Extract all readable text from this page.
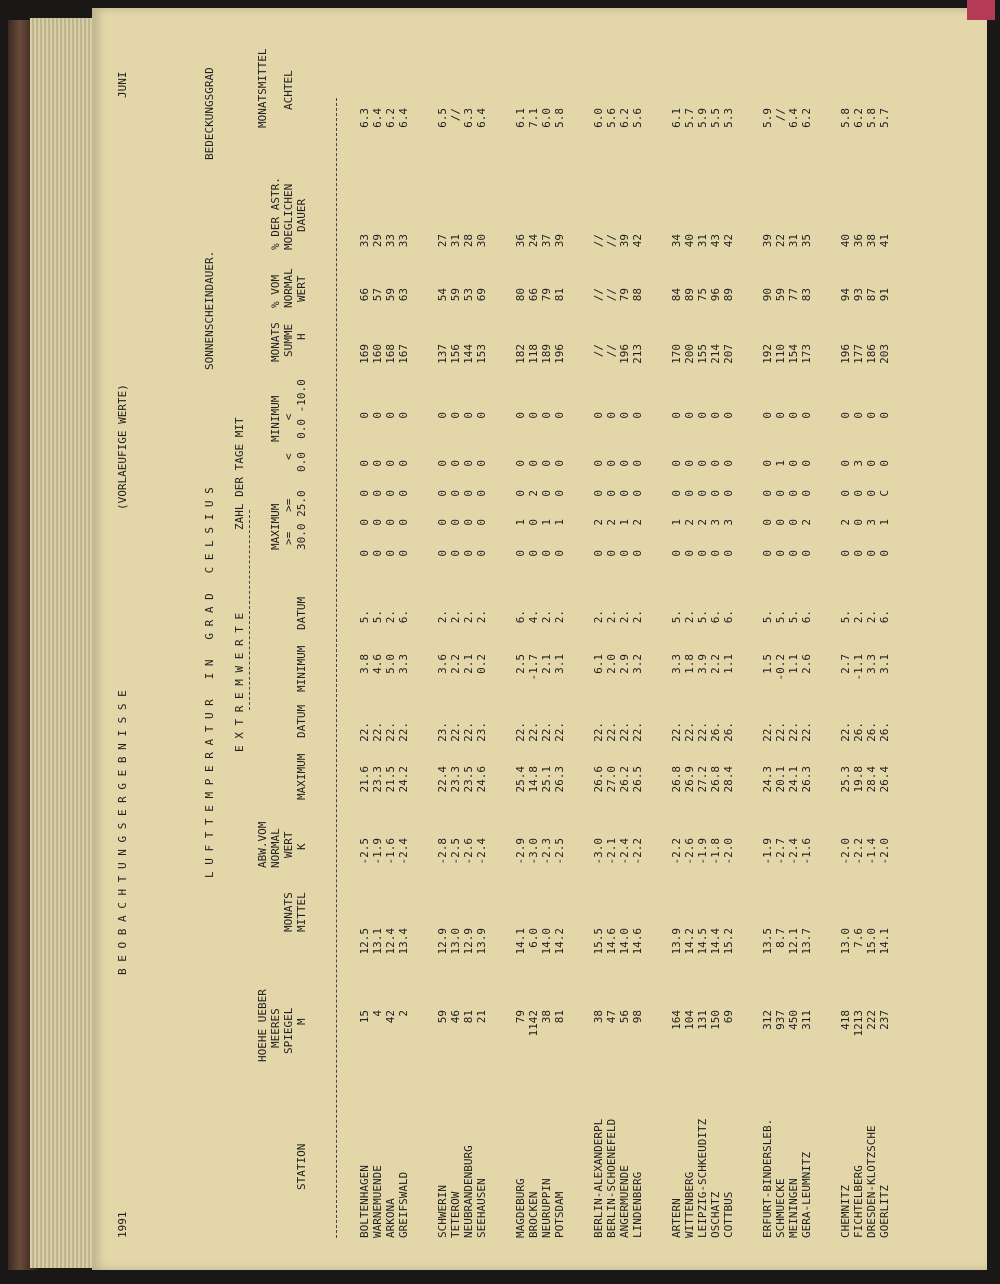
1991
B E O B A C H T U N G S E R G E B N I S S E
(VORLAEUFIGE WERTE)
JUNI
L U F T T E M P E R A T U R   I N   G R A D   C E L S I U S
SONNENSCHEINDAUER.
BEDECKUNGSGRAD
E X T R E M W E R T E
ZAHL DER TAGE MIT
HOEHE UEBER MEERES SPIEGEL M
MONATS MITTEL
ABW.VOM NORMAL WERT K
MAXIMUM
DATUM
MINIMUM
DATUM
MAXIMUM >=   >= 30.0 25.0
MINIMUM <     < 0.0  0.0 -10.0
MONATS SUMME H
% VOM NORMAL WERT
% DER ASTR. MOEGLICHEN DAUER
MONATSMITTEL ACHTEL
STATION	BOLTENHAGEN
15
12.5
-2.5
21.6
22.
3.8
5.
0
0
0
0
0
169
66
33
6.3
WARNEMUENDE
4
13.1
-1.9
23.3
22.
4.6
5.
0
0
0
0
0
160
57
29
6.4
ARKONA
42
12.4
-1.6
21.5
22.
5.0
2.
0
0
0
0
0
168
59
33
6.2
GREIFSWALD
2
13.4
-2.4
24.2
22.
3.3
6.
0
0
0
0
0
167
63
33
6.4
SCHWERIN
59
12.9
-2.8
22.4
23.
3.6
2.
0
0
0
0
0
137
54
27
6.5
TETEROW
46
13.0
-2.5
23.3
22.
2.2
2.
0
0
0
0
0
156
59
31
//
NEUBRANDENBURG
81
12.9
-2.6
23.5
22.
2.1
2.
0
0
0
0
0
144
53
28
6.3
SEEHAUSEN
21
13.9
-2.4
24.6
23.
0.2
2.
0
0
0
0
0
153
69
30
6.4
MAGDEBURG
79
14.1
-2.9
25.4
22.
2.5
6.
0
1
0
0
0
182
80
36
6.1
BROCKEN
1142
6.0
-3.0
14.8
22.
-1.7
4.
0
0
2
0
0
118
66
24
7.1
NEURUPPIN
38
14.0
-2.3
25.1
22.
2.1
2.
0
1
0
0
0
189
79
37
6.0
POTSDAM
81
14.2
-2.5
26.3
22.
3.1
2.
0
1
0
0
0
196
81
39
5.8
BERLIN-ALEXANDERPL
38
15.5
-3.0
26.6
22.
6.1
2.
0
2
0
0
0
//
//
//
6.0
BERLIN-SCHOENEFELD
47
14.6
-2.1
27.0
22.
2.0
2.
0
2
0
0
0
//
//
//
5.6
ANGERMUENDE
56
14.0
-2.4
26.2
22.
2.9
2.
0
1
0
0
0
196
79
39
6.2
LINDENBERG
98
14.6
-2.2
26.5
22.
3.2
2.
0
2
0
0
0
213
88
42
5.6
ARTERN
164
13.9
-2.2
26.8
22.
3.3
5.
0
1
0
0
0
170
84
34
6.1
WITTENBERG
104
14.2
-2.6
26.9
22.
1.8
2.
0
2
0
0
0
200
89
40
5.7
LEIPZIG-SCHKEUDITZ
131
14.5
-1.9
27.2
22.
3.9
5.
0
2
0
0
0
155
75
31
5.9
OSCHATZ
150
14.4
-1.8
26.8
26.
2.2
6.
0
3
0
0
0
214
96
43
5.5
COTTBUS
69
15.2
-2.0
28.4
26.
1.1
6.
0
3
0
0
0
207
89
42
5.3
ERFURT-BINDERSLEB.
312
13.5
-1.9
24.3
22.
1.5
5.
0
0
0
0
0
192
90
39
5.9
SCHMUECKE
937
8.7
-2.7
20.1
22.
-0.2
5.
0
0
0
1
0
110
59
22
//
MEININGEN
450
12.1
-2.4
24.1
22.
1.1
5.
0
0
0
0
0
154
77
31
6.4
GERA-LEUMNITZ
311
13.7
-1.6
26.3
22.
2.6
6.
0
2
0
0
0
173
83
35
6.2
CHEMNITZ
418
13.0
-2.0
25.3
22.
2.7
5.
0
2
0
0
0
196
94
40
5.8
FICHTELBERG
1213
7.6
-2.2
19.8
26.
-1.1
2.
0
0
0
3
0
177
93
36
6.2
DRESDEN-KLOTZSCHE
222
15.0
-1.4
28.4
26.
3.3
2.
0
3
0
0
0
186
87
38
5.8
GOERLITZ
237
14.1
-2.0
26.4
26.
3.1
6.
0
1
C
0
0
203
91
41
5.7
